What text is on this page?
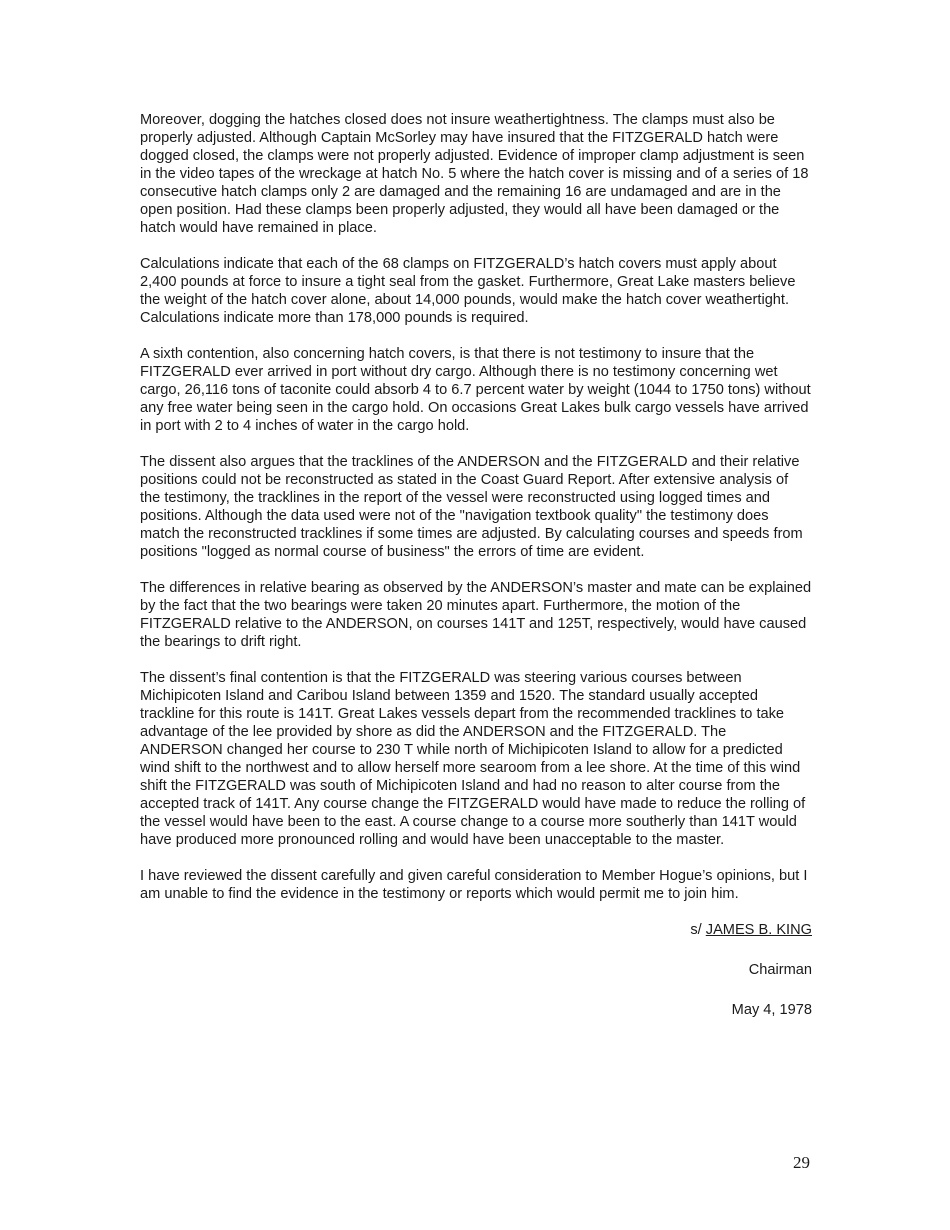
Moreover, dogging the hatches closed does not insure weathertightness. The clamps must also be properly adjusted. Although Captain McSorley may have insured that the FITZGERALD hatch were dogged closed, the clamps were not properly adjusted. Evidence of improper clamp adjustment is seen in the video tapes of the wreckage at hatch No. 5 where the hatch cover is missing and of a series of 18 consecutive hatch clamps only 2 are damaged and the remaining 16 are undamaged and are in the open position. Had these clamps been properly adjusted, they would all have been damaged or the hatch would have remained in place.

Calculations indicate that each of the 68 clamps on FITZGERALD’s hatch covers must apply about 2,400 pounds at force to insure a tight seal from the gasket. Furthermore, Great Lake masters believe the weight of the hatch cover alone, about 14,000 pounds, would make the hatch cover weathertight. Calculations indicate more than 178,000 pounds is required.

A sixth contention, also concerning hatch covers, is that there is not testimony to insure that the FITZGERALD ever arrived in port without dry cargo. Although there is no testimony concerning wet cargo, 26,116 tons of taconite could absorb 4 to 6.7 percent water by weight (1044 to 1750 tons) without any free water being seen in the cargo hold. On occasions Great Lakes bulk cargo vessels have arrived in port with 2 to 4 inches of water in the cargo hold.

The dissent also argues that the tracklines of the ANDERSON and the FITZGERALD and their relative positions could not be reconstructed as stated in the Coast Guard Report. After extensive analysis of the testimony, the tracklines in the report of the vessel were reconstructed using logged times and positions. Although the data used were not of the "navigation textbook quality" the testimony does match the reconstructed tracklines if some times are adjusted. By calculating courses and speeds from positions "logged as normal course of business" the errors of time are evident.

The differences in relative bearing as observed by the ANDERSON’s master and mate can be explained by the fact that the two bearings were taken 20 minutes apart. Furthermore, the motion of the FITZGERALD relative to the ANDERSON, on courses 141T and 125T, respectively, would have caused the bearings to drift right.

The dissent’s final contention is that the FITZGERALD was steering various courses between Michipicoten Island and Caribou Island between 1359 and 1520. The standard usually accepted trackline for this route is 141T. Great Lakes vessels depart from the recommended tracklines to take advantage of the lee provided by shore as did the ANDERSON and the FITZGERALD. The ANDERSON changed her course to 230 T while north of Michipicoten Island to allow for a predicted wind shift to the northwest and to allow herself more searoom from a lee shore. At the time of this wind shift the FITZGERALD was south of Michipicoten Island and had no reason to alter course from the accepted track of 141T. Any course change the FITZGERALD would have made to reduce the rolling of the vessel would have been to the east. A course change to a course more southerly than 141T would have produced more pronounced rolling and would have been unacceptable to the master.

I have reviewed the dissent carefully and given careful consideration to Member Hogue’s opinions, but I am unable to find the evidence in the testimony or reports which would permit me to join him.

s/ JAMES B. KING

Chairman

May 4, 1978

29
